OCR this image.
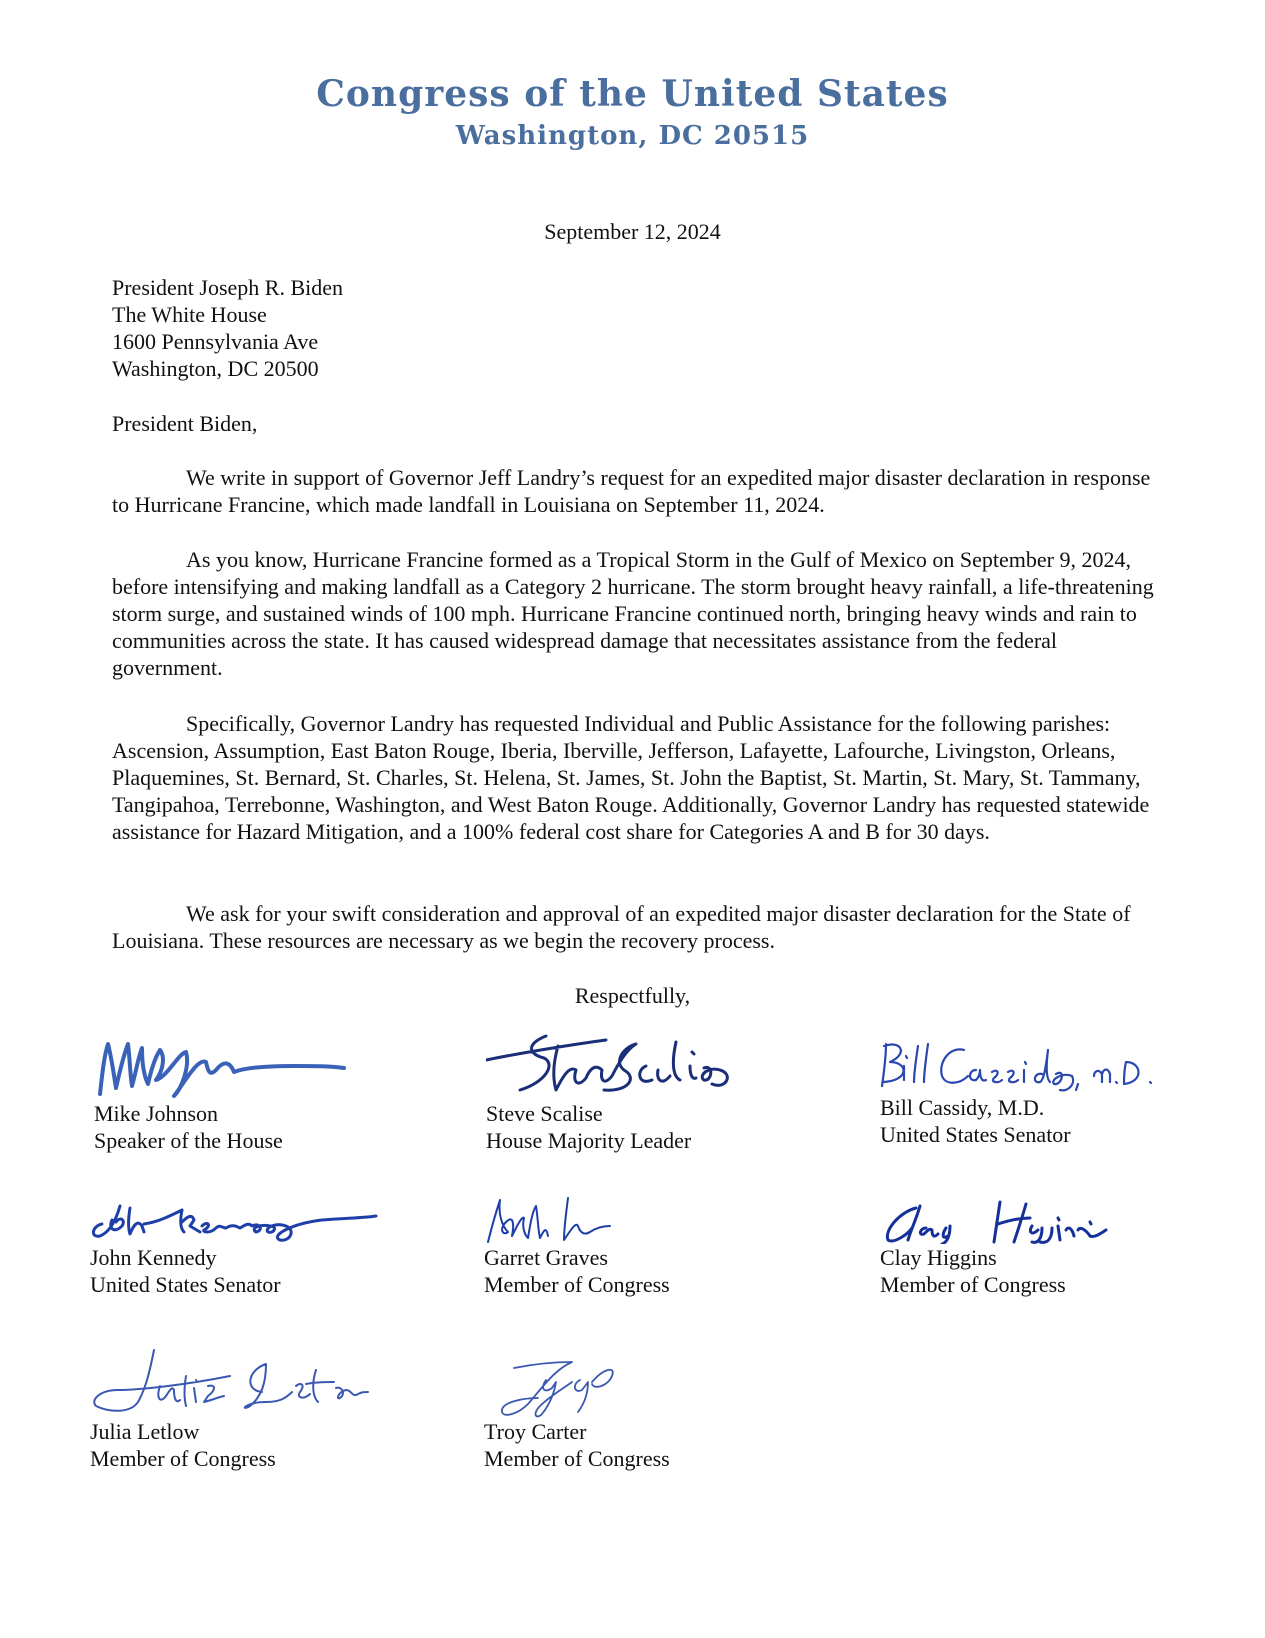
Congress of the United States
Washington, DC 20515
September 12, 2024
President Joseph R. Biden
The White House
1600 Pennsylvania Ave
Washington, DC 20500
President Biden,

We write in support of Governor Jeff Landry’s request for an expedited major disaster declaration in response to Hurricane Francine, which made landfall in Louisiana on September 11, 2024.

As you know, Hurricane Francine formed as a Tropical Storm in the Gulf of Mexico on September 9, 2024, before intensifying and making landfall as a Category 2 hurricane. The storm brought heavy rainfall, a life-threatening storm surge, and sustained winds of 100 mph. Hurricane Francine continued north, bringing heavy winds and rain to communities across the state. It has caused widespread damage that necessitates assistance from the federal government.

Specifically, Governor Landry has requested Individual and Public Assistance for the following parishes: Ascension, Assumption, East Baton Rouge, Iberia, Iberville, Jefferson, Lafayette, Lafourche, Livingston, Orleans, Plaquemines, St. Bernard, St. Charles, St. Helena, St. James, St. John the Baptist, St. Martin, St. Mary, St. Tammany, Tangipahoa, Terrebonne, Washington, and West Baton Rouge. Additionally, Governor Landry has requested statewide assistance for Hazard Mitigation, and a 100% federal cost share for Categories A and B for 30 days.

We ask for your swift consideration and approval of an expedited major disaster declaration for the State of Louisiana. These resources are necessary as we begin the recovery process.

Respectfully,
Mike Johnson
Speaker of the House
Steve Scalise
House Majority Leader
Bill Cassidy, M.D.
United States Senator
John Kennedy
United States Senator
Garret Graves
Member of Congress
Clay Higgins
Member of Congress
Julia Letlow
Member of Congress
Troy Carter
Member of Congress
